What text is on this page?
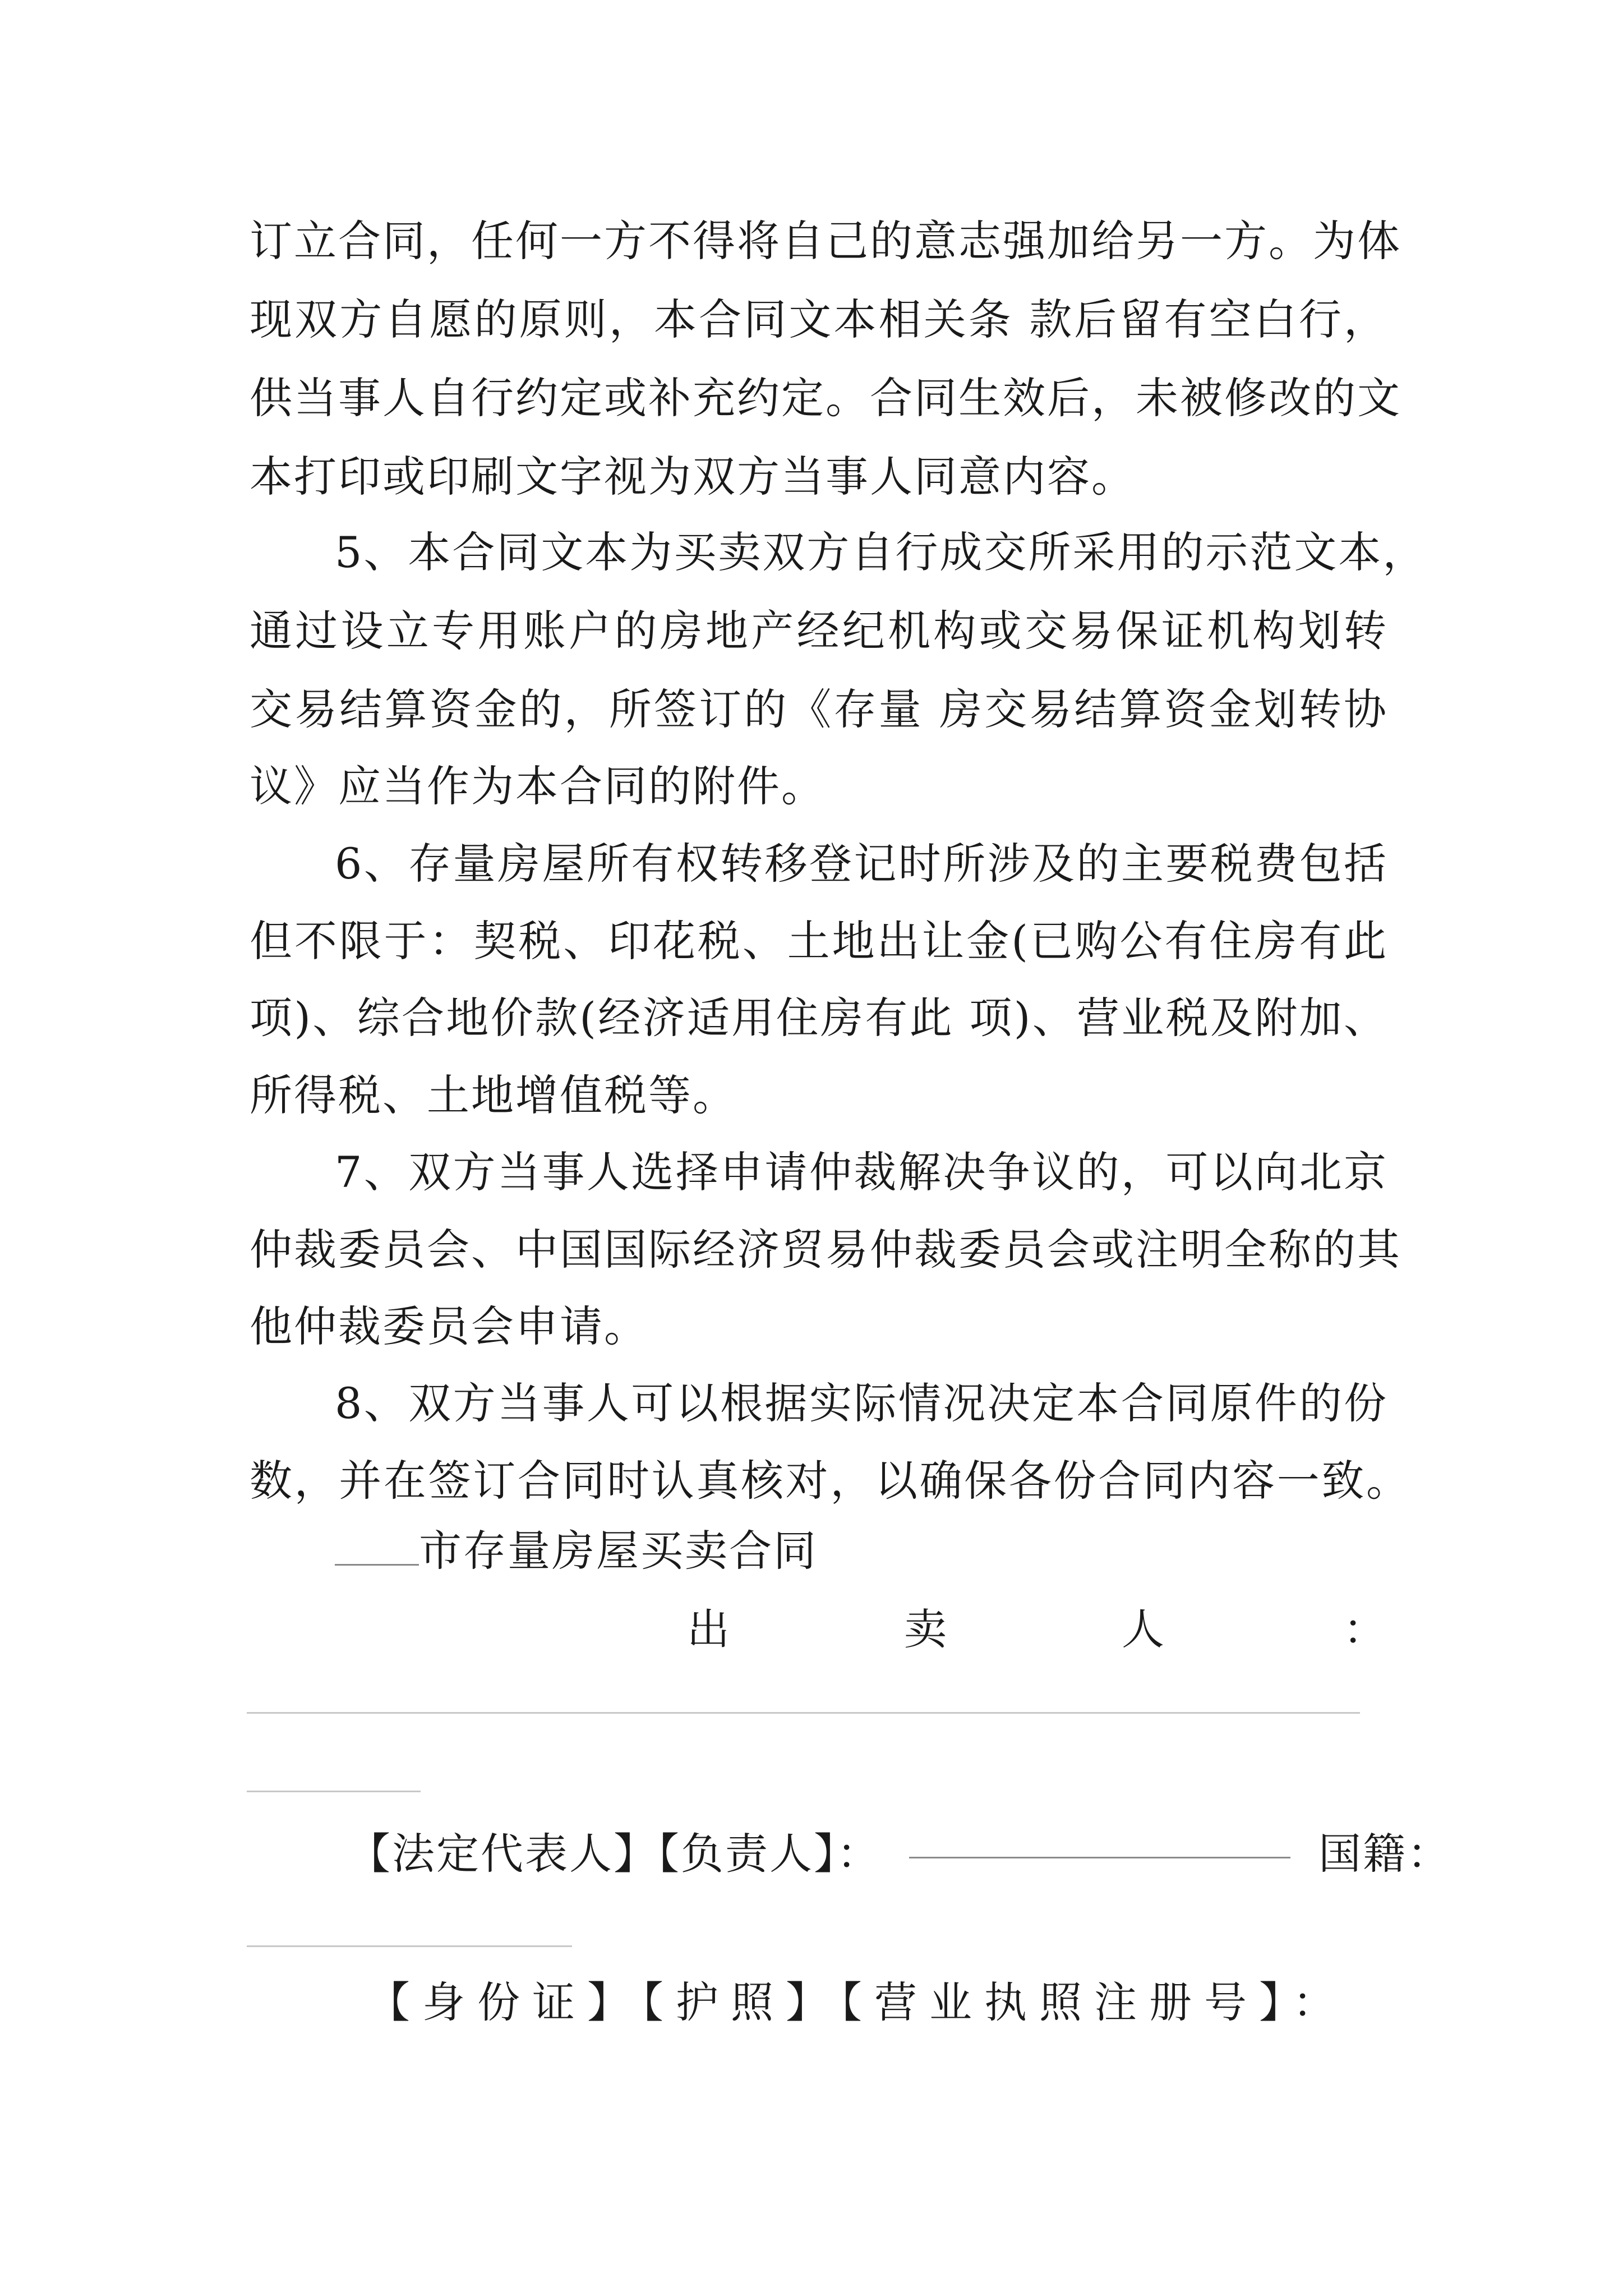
订立合同，任何一方不得将自己的意志强加给另一方。为体
现双方自愿的原则，本合同文本相关条 款后留有空白行，
供当事人自行约定或补充约定。合同生效后，未被修改的文
本打印或印刷文字视为双方当事人同意内容。
5、本合同文本为买卖双方自行成交所采用的示范文本，
通过设立专用账户的房地产经纪机构或交易保证机构划转
交易结算资金的，所签订的《存量 房交易结算资金划转协
议》应当作为本合同的附件。
6、存量房屋所有权转移登记时所涉及的主要税费包括
但不限于：契税、印花税、土地出让金(已购公有住房有此
项)、综合地价款(经济适用住房有此 项)、营业税及附加、
所得税、土地增值税等。
7、双方当事人选择申请仲裁解决争议的，可以向北京
仲裁委员会、中国国际经济贸易仲裁委员会或注明全称的其
他仲裁委员会申请。
8、双方当事人可以根据实际情况决定本合同原件的份
数，并在签订合同时认真核对，以确保各份合同内容一致。
市存量房屋买卖合同
出	卖	人	：
【法定代表人】【负责人】：	国籍：
【身份证】【护照】【营业执照注册号】：
